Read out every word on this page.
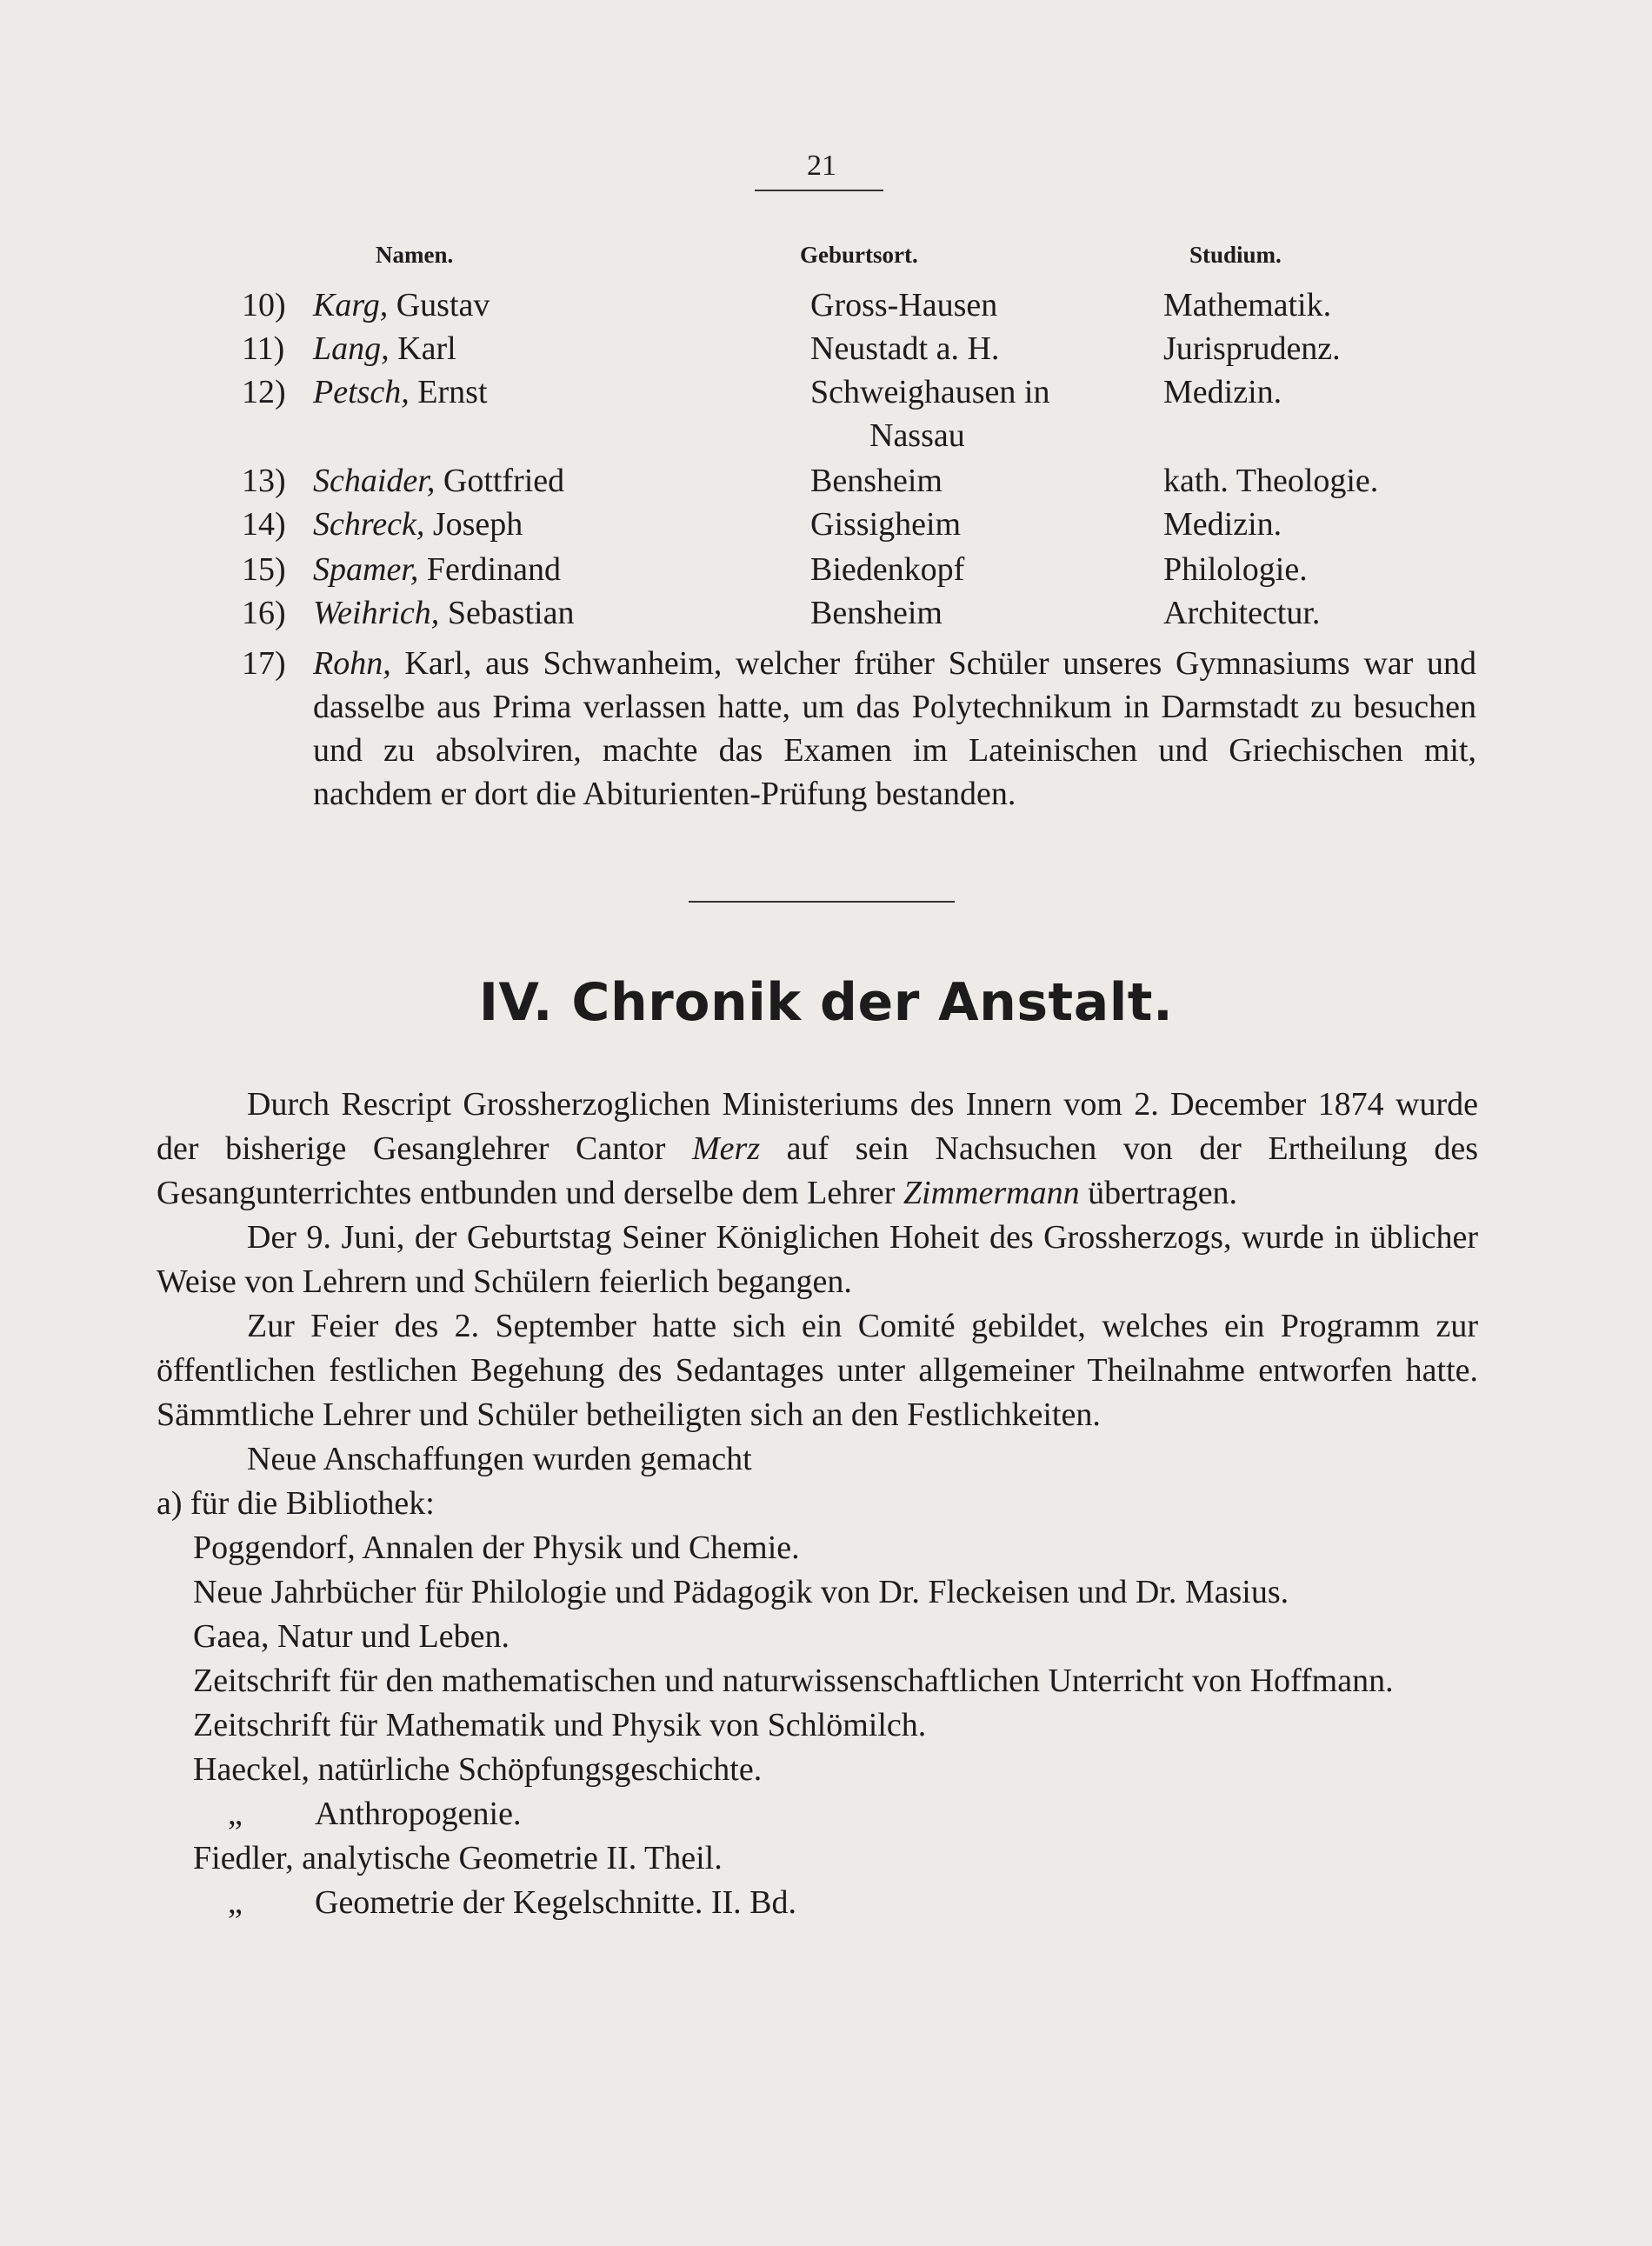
21
Namen.	Geburtsort.	Studium.
10) Karg, Gustav	Gross-Hausen	Mathematik.
11) Lang, Karl	Neustadt a. H.	Jurisprudenz.
12) Petsch, Ernst	Schweighausen in	Medizin.
Nassau
13) Schaider, Gottfried	Bensheim	kath. Theologie.
14) Schreck, Joseph	Gissigheim	Medizin.
15) Spamer, Ferdinand	Biedenkopf	Philologie.
16) Weihrich, Sebastian	Bensheim	Architectur.
17) Rohn, Karl, aus Schwanheim, welcher früher Schüler unseres Gymnasiums war und dasselbe aus Prima verlassen hatte, um das Polytechnikum in Darmstadt zu besuchen und zu absolviren, machte das Examen im Lateinischen und Griechischen mit, nachdem er dort die Abiturienten-Prüfung bestanden.
IV. Chronik der Anstalt.
Durch Rescript Grossherzoglichen Ministeriums des Innern vom 2. December 1874 wurde der bisherige Gesanglehrer Cantor Merz auf sein Nachsuchen von der Ertheilung des Gesangunterrichtes entbunden und derselbe dem Lehrer Zimmermann übertragen.
Der 9. Juni, der Geburtstag Seiner Königlichen Hoheit des Grossherzogs, wurde in üblicher Weise von Lehrern und Schülern feierlich begangen.
Zur Feier des 2. September hatte sich ein Comité gebildet, welches ein Programm zur öffentlichen festlichen Begehung des Sedantages unter allgemeiner Theilnahme entworfen hatte. Sämmtliche Lehrer und Schüler betheiligten sich an den Festlichkeiten.
Neue Anschaffungen wurden gemacht
a) für die Bibliothek:
Poggendorf, Annalen der Physik und Chemie.
Neue Jahrbücher für Philologie und Pädagogik von Dr. Fleckeisen und Dr. Masius.
Gaea, Natur und Leben.
Zeitschrift für den mathematischen und naturwissenschaftlichen Unterricht von Hoffmann.
Zeitschrift für Mathematik und Physik von Schlömilch.
Haeckel, natürliche Schöpfungsgeschichte.
„ Anthropogenie.
Fiedler, analytische Geometrie II. Theil.
„ Geometrie der Kegelschnitte. II. Bd.
